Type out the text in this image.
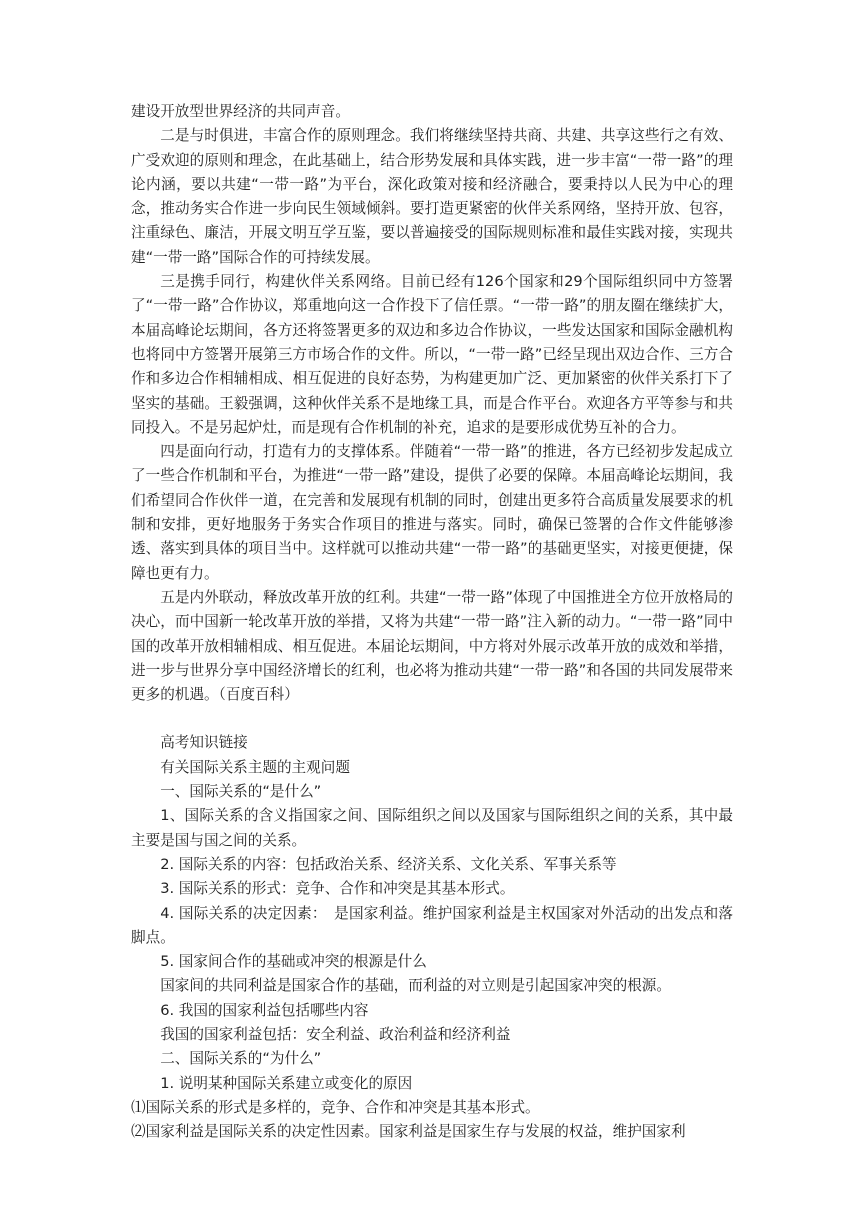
建设开放型世界经济的共同声音。

二是与时俱进，丰富合作的原则理念。我们将继续坚持共商、共建、共享这些行之有效、广受欢迎的原则和理念，在此基础上，结合形势发展和具体实践，进一步丰富“一带一路”的理论内涵，要以共建“一带一路”为平台，深化政策对接和经济融合，要秉持以人民为中心的理念，推动务实合作进一步向民生领域倾斜。要打造更紧密的伙伴关系网络，坚持开放、包容，注重绿色、廉洁，开展文明互学互鉴，要以普遍接受的国际规则标准和最佳实践对接，实现共建“一带一路”国际合作的可持续发展。

三是携手同行，构建伙伴关系网络。目前已经有126个国家和29个国际组织同中方签署了“一带一路”合作协议，郑重地向这一合作投下了信任票。“一带一路”的朋友圈在继续扩大，本届高峰论坛期间，各方还将签署更多的双边和多边合作协议，一些发达国家和国际金融机构也将同中方签署开展第三方市场合作的文件。所以，“一带一路”已经呈现出双边合作、三方合作和多边合作相辅相成、相互促进的良好态势，为构建更加广泛、更加紧密的伙伴关系打下了坚实的基础。王毅强调，这种伙伴关系不是地缘工具，而是合作平台。欢迎各方平等参与和共同投入。不是另起炉灶，而是现有合作机制的补充，追求的是要形成优势互补的合力。

四是面向行动，打造有力的支撑体系。伴随着“一带一路”的推进，各方已经初步发起成立了一些合作机制和平台，为推进“一带一路”建设，提供了必要的保障。本届高峰论坛期间，我们希望同合作伙伴一道，在完善和发展现有机制的同时，创建出更多符合高质量发展要求的机制和安排，更好地服务于务实合作项目的推进与落实。同时，确保已签署的合作文件能够渗透、落实到具体的项目当中。这样就可以推动共建“一带一路”的基础更坚实，对接更便捷，保障也更有力。

五是内外联动，释放改革开放的红利。共建“一带一路”体现了中国推进全方位开放格局的决心，而中国新一轮改革开放的举措，又将为共建“一带一路”注入新的动力。“一带一路”同中国的改革开放相辅相成、相互促进。本届论坛期间，中方将对外展示改革开放的成效和举措，进一步与世界分享中国经济增长的红利，也必将为推动共建“一带一路”和各国的共同发展带来更多的机遇。（百度百科）

高考知识链接

有关国际关系主题的主观问题

一、国际关系的“是什么”

1、国际关系的含义指国家之间、国际组织之间以及国家与国际组织之间的关系，其中最主要是国与国之间的关系。

2. 国际关系的内容：包括政治关系、经济关系、文化关系、军事关系等

3. 国际关系的形式：竞争、合作和冲突是其基本形式。

4. 国际关系的决定因素：　是国家利益。维护国家利益是主权国家对外活动的出发点和落脚点。

5. 国家间合作的基础或冲突的根源是什么

国家间的共同利益是国家合作的基础，而利益的对立则是引起国家冲突的根源。

6. 我国的国家利益包括哪些内容

我国的国家利益包括：安全利益、政治利益和经济利益

二、国际关系的“为什么”

1. 说明某种国际关系建立或变化的原因

⑴国际关系的形式是多样的，竞争、合作和冲突是其基本形式。

⑵国家利益是国际关系的决定性因素。国家利益是国家生存与发展的权益，维护国家利
